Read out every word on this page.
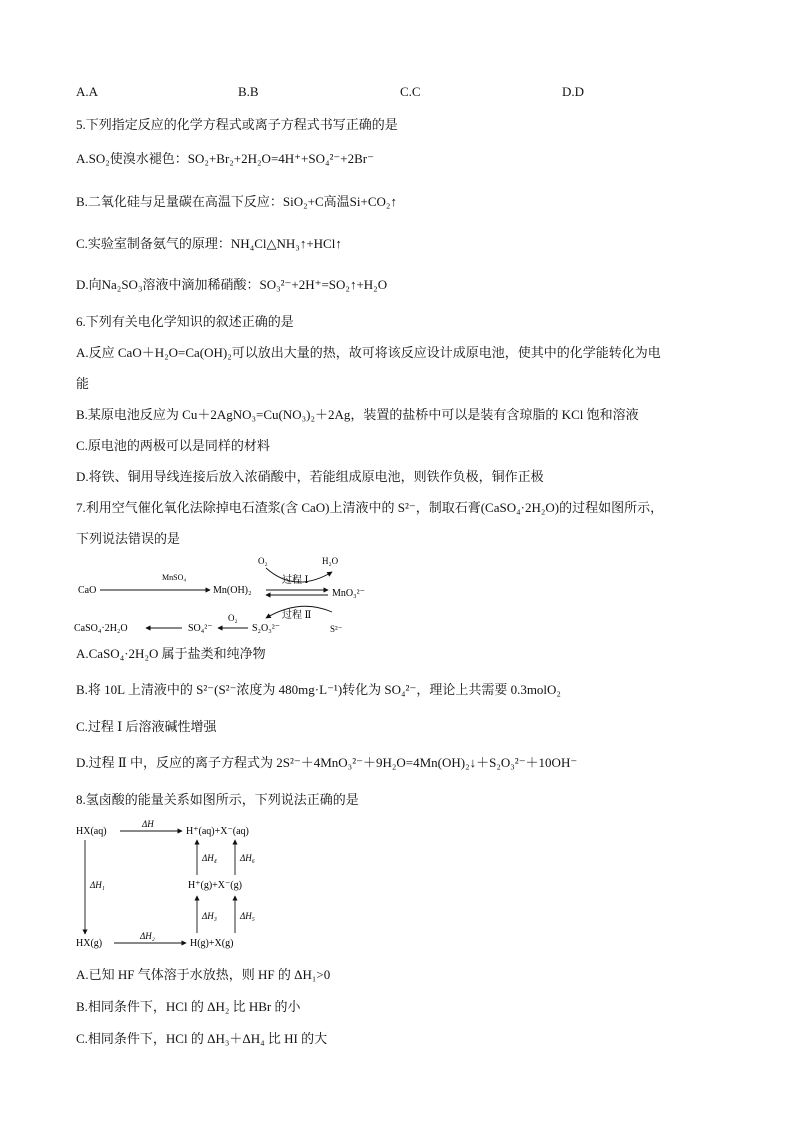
A.A	B.B	C.C	D.D
5.下列指定反应的化学方程式或离子方程式书写正确的是
A.SO₂使溴水褪色：SO₂+Br₂+2H₂O=4H⁺+SO₄²⁻+2Br⁻
B.二氧化硅与足量碳在高温下反应：SiO₂+C高温Si+CO₂↑
C.实验室制备氨气的原理：NH₄Cl△NH₃↑+HCl↑
D.向Na₂SO₃溶液中滴加稀硝酸：SO₃²⁻+2H⁺=SO₂↑+H₂O
6.下列有关电化学知识的叙述正确的是
A.反应 CaO＋H₂O=Ca(OH)₂可以放出大量的热，故可将该反应设计成原电池，使其中的化学能转化为电
能
B.某原电池反应为 Cu＋2AgNO₃=Cu(NO₃)₂＋2Ag，装置的盐桥中可以是装有含琼脂的 KCl 饱和溶液
C.原电池的两极可以是同样的材料
D.将铁、铜用导线连接后放入浓硝酸中，若能组成原电池，则铁作负极，铜作正极
7.利用空气催化氧化法除掉电石渣浆(含 CaO)上清液中的 S²⁻，制取石膏(CaSO₄·2H₂O)的过程如图所示，
下列说法错误的是
CaO
MnSO₄
Mn(OH)₂
O₂	H₂O
过程 Ⅰ
MnO₃²⁻
过程 Ⅱ
S²⁻
CaSO₄·2H₂O	SO₄²⁻
O₂
S₂O₃²⁻
A.CaSO₄·2H₂O 属于盐类和纯净物
B.将 10L 上清液中的 S²⁻(S²⁻浓度为 480mg·L⁻¹)转化为 SO₄²⁻，理论上共需要 0.3molO₂
C.过程 Ⅰ 后溶液碱性增强
D.过程 Ⅱ 中，反应的离子方程式为 2S²⁻＋4MnO₃²⁻＋9H₂O=4Mn(OH)₂↓＋S₂O₃²⁻＋10OH⁻
8.氢卤酸的能量关系如图所示，下列说法正确的是
HX(aq)
ΔH
H⁺(aq)+X⁻(aq)
ΔH₁
ΔH₄	ΔH₆
H⁺(g)+X⁻(g)
ΔH₃	ΔH₅
HX(g)
ΔH₂
H(g)+X(g)
A.已知 HF 气体溶于水放热，则 HF 的 ΔH₁>0
B.相同条件下，HCl 的 ΔH₂ 比 HBr 的小
C.相同条件下，HCl 的 ΔH₃＋ΔH₄ 比 HI 的大
